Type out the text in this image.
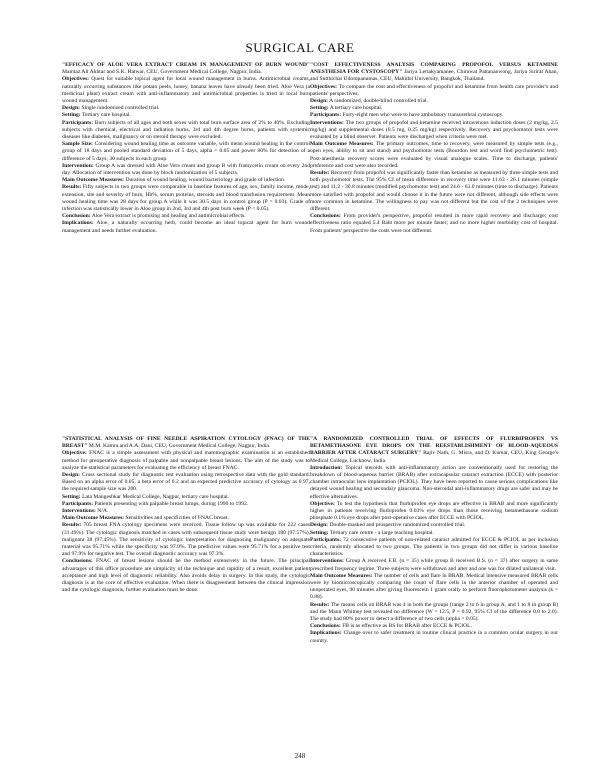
SURGICAL CARE

"EFFICACY OF ALOE VERA EXTRACT CREAM IN MANAGEMENT OF BURN WOUND" Mamtaz Ali Akhtar and S.K. Hatwar, CEU, Government Medical College, Nagpur, India.

Objectives: Quest for suitable topical agent for local wound management in burns. Antimicrobial creams, naturally occurring substances like potato peels, honey, banana leaves have already been tried. Aloe Vera (a medicinal plant) extract cream with anti-inflammatory and antimicrobial properties is tried in local burn wound management.

Design: Single randomized controlled trial.

Setting: Tertiary care hospital.

Participants: Burn subjects of all ages and both sexes with total burn surface area of 2% to 40%. Excluding subjects with chemical, electrical and radiation burns, 3rd and 4th degree burns, patients with systemic diseases like diabetes, malignancy or on steroid therapy were excluded.

Sample Size: Considering wound healing time as outcome variable, with mean wound healing in the control group of 18 days and pooled standard deviation of 5 days, alpha = 0.05 and power 80% for detection of a difference of 5 days, 30 subjects in each group.

Intervention: Group A was dressed with Aloe Vera cream and group B with framycetin cream on every 2nd day. Allocation of intervention was done by block randomization of 5 subjects.

Main Outcome Measures: Duration of wound healing, wound bacteriology and grade of infection.

Results: Fifty subjects in two groups were comparable in baseline features of age, sex, family income, mode, extension, site and severity of burn, Hb%, serum proteins, steroids and blood transfusion requirement. Mean wound healing time was 28 days for group A while it was 30.5 days in control group (P = 0.03). Grade of infection was statistically lower in Aloe group in 2nd, 3rd and 4th post burn week (P < 0.05).

Conclusion: Aloe Vera extract is promising and healing and antimicrobial effects.

Implications: Aloe, a naturally occurring herb, could become an ideal topical agent for burn wound management and needs further evaluation.

"COST EFFECTIVENESS ANALYSIS COMPARING PROPOFOL VERSUS KETAMINE ANESTHESIA FOR CYSTOSCOPY" Jariya Lertakyamanee, Chirawat Pattananwong, Jariya Sirirat Ahan, and Sutthichai Udompanumas, CEU, Mahidol University, Bangkok, Thailand.

Objectives: To compare the cost and effectiveness of propofol and ketamine from health care provider's and patients' perspectives.

Design: A randomized, double-blind controlled trial.

Setting: A tertiary care hospital.

Participants: Forty-eight men who were to have ambulatory transurethral cystoscopy.

Interventions: The two groups of propofol and ketamine received intravenous induction doses (2 mg/kg, 2.5 mg/kg) and supplemental doses (0.5 mg, 0.25 mg/kg) respectively. Recovery and psychomotor tests were evaluated by a blind observer. Patients were discharged when criteria were met.

Main Outcome Measures: The primary outcomes, time to recovery, were measured by simple tests (e.g., open eyes, ability to sit and stand) and psychomotor tests (Bourdon test and word find psychometric test). Post-anesthesia recovery scores were evaluated by visual analogue scales. Time to discharge, patients' preference and cost were also recorded.

Results: Recovery from propofol was significantly faster than ketamine as measured by three simple tests and both psychomotor tests. The 95% CI of mean difference in recovery time were 11.63 - 26.1 minutes (simple test) and 11.2 - 30.8 minutes (modified psychomotor test) and 24.6 - 63.0 minutes (time to discharge). Patients more satisfied with propofol and would choose it in the future were not different, although side effects were more common in ketamine. The willingness to pay was not different but the cost of the 2 techniques were different.

Conclusions: From provider's perspective, propofol resulted in more rapid recovery and discharge; cost effectiveness ratio equaled 5.4 Baht more per minute faster; and no more higher morbidity cost of hospital. From patients' perspective the costs were not different.

"STATISTICAL ANALYSIS OF FINE NEEDLE ASPIRATION CYTOLOGY (FNAC) OF THE BREAST" M.M. Kamra and A.A. Dani, CEU, Government Medical College, Nagpur, India.

Objective: FNAC is a simple assessment with physical and mammographic examination is an established method for preoperative diagnosis of palpable and nonpalpable breast lesions. The aim of the study was to analyze the statistical parameters for evaluating the efficiency of breast FNAC.

Design: Cross sectional study for diagnostic test evaluation using retrospective data with the gold standard. Based on an alpha error of 0.05, a beta error of 0.2 and an expected predictive accuracy of cytology as 0.97, the required sample size was 200.

Setting: Lata Mangeshkar Medical College, Nagpur, tertiary care hospital.

Participants: Patients presenting with palpable breast lumps, during 1990 to 1992.

Interventions: N/A.

Main Outcome Measures: Sensitivities and specificities of FNAC breast.

Results: 705 breast FNA cytology specimens were received. Tissue follow up was available for 222 cases (31.49%). The cytologic diagnosis matched in cases with subsequent tissue study were benign 180 (97.57%), malignant 38 (97.45%). The sensitivity of cytologic interpretation for diagnosing malignancy on adequate material was 95.71% while the specificity was 97.9%. The predictive values were 95.71% for a positive test and 97.9% for negative test. The overall diagnostic accuracy was 97.3%.

Conclusions: FNAC of breast lesions should be the method extensively in the future. The principal advantages of this office procedure are simplicity of the technique and rapidity of a result, excellent patient acceptance and high level of diagnostic reliability. Also avoids delay in surgery. In this study, the cytologic diagnosis is at the core of effective evaluation. When there is disagreement between the clinical impression and the cytologic diagnosis, further evaluation must be done.

"A RANDOMIZED CONTROLLED TRIAL OF EFFECTS OF FLURBIPROFEN VS BETAMETHASONE EYE DROPS ON THE REESTABLISHMENT OF BLOOD-AQUEOUS BARRIER AFTER CATARACT SURGERY" Rajiv Nath, G. Misra, and D. Kumar, CEU, King George's Medical College, Lucknow, India.

Introduction: Topical steroids with anti-inflammatory action are conventionally used for restoring the breakdown of blood-aqueous barrier (BRAB) after extracapsular cataract extraction (ECCE) with posterior chamber intraocular lens implantation (PCIOL). They have been reported to cause serious complications like delayed wound healing and secondary glaucoma. Non-steroidal anti-inflammatory drugs are safer and may be effective alternatives.

Objective: To test the hypothesis that flurbiprofen eye drops are effective in BRAB and more significantly higher in patients receiving flurbiprofen 0.03% eye drops than those receiving betamethasone sodium phosphate 0.1% eye drops after post-operative cases after ECCE with PCIOL.

Design: Double-masked and prospective randomized controlled trial.

Setting: Tertiary care centre - a large teaching hospital.

Participants: 72 consecutive patients of non-related cataract admitted for ECCE & PCIOL as per inclusion criteria, randomly allocated to two groups. The patients in two groups did not differ in various baseline characteristics.

Interventions: Group A received F.B. (n = 35) while group B received B.S. (n = 37) after surgery in same prescribed frequency regime. Three subjects were withdrawn and alter and one was for dilated unilateral visit.

Main Outcome Measures: The number of cells and flare in BRAB. Medical intensive measured BRAB cells were by biomicroscopically comparing the count of flare cells in the anterior chamber of operated and unoperated eyes, 90 minutes after giving fluorescein 1 gram orally to perform fluorophotometer analysis (k = 0.88).

Results: The means cells on BRAB was 4 in both the groups (range 2 to 6 in group A, and 1 to 8 in group B) and the Mann Whitney test revealed no difference (W = 12.5, P = 0.92, 95% CI of the difference 0.0 to 2.0). The study had 80% power to detect a difference of two cells (alpha = 0.05).

Conclusions: FB is as effective as BS for BRAB after ECCE & PCIOL.

Implications: Change over to safer treatment in routine clinical practice in a common ocular surgery in our country.

248
